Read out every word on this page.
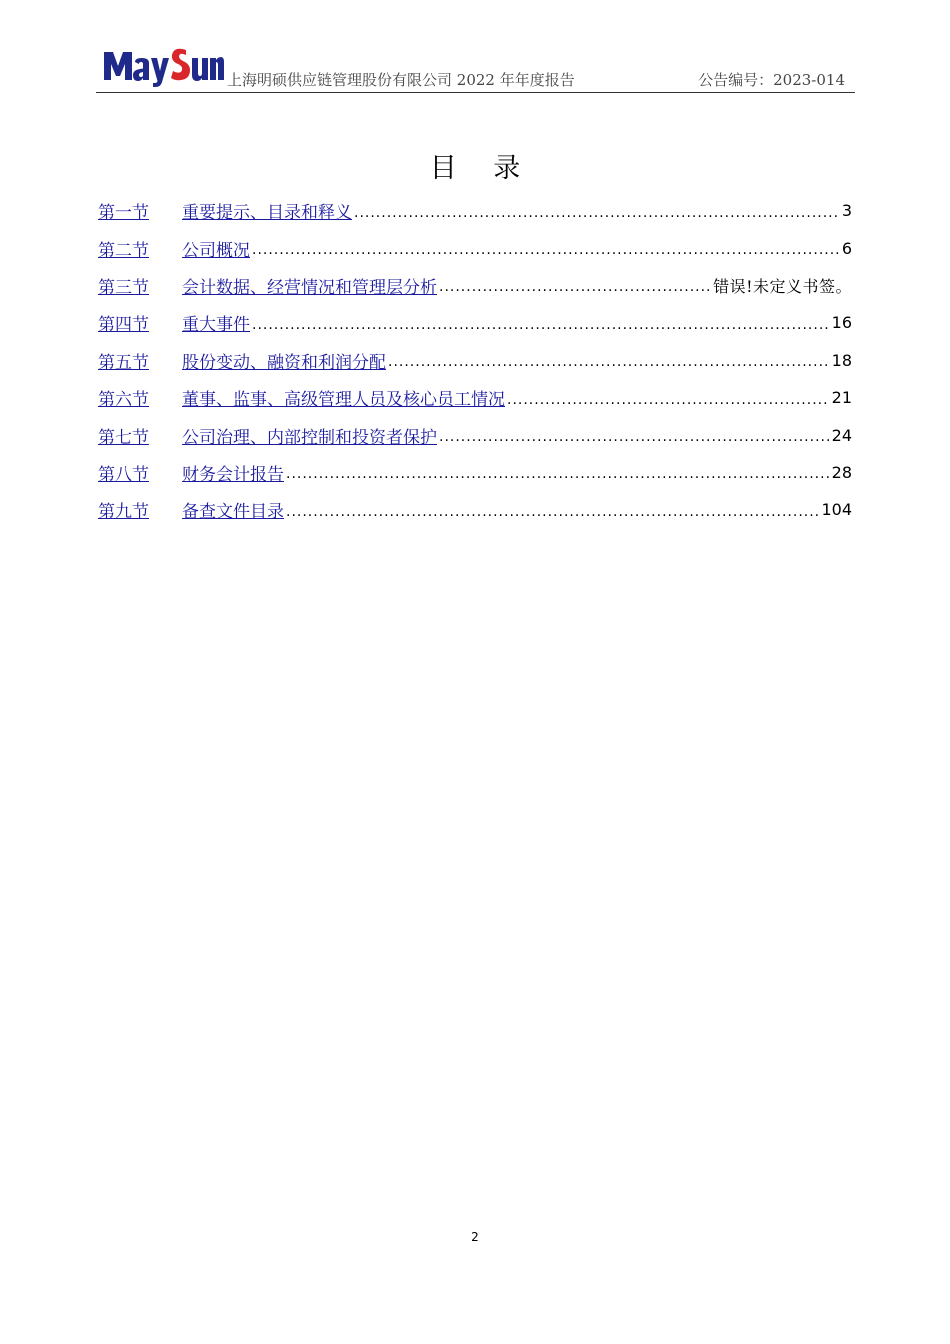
上海明硕供应链管理股份有限公司 2022 年年度报告	公告编号：2023-014
目 录
第一节	重要提示、目录和释义 .....	3
第二节	公司概况 .....	6
第三节	会计数据、经营情况和管理层分析 .....	错误!未定义书签。
第四节	重大事件 .....	16
第五节	股份变动、融资和利润分配 .....	18
第六节	董事、监事、高级管理人员及核心员工情况 .....	21
第七节	公司治理、内部控制和投资者保护 .....	24
第八节	财务会计报告 .....	28
第九节	备查文件目录 .....	104
2
